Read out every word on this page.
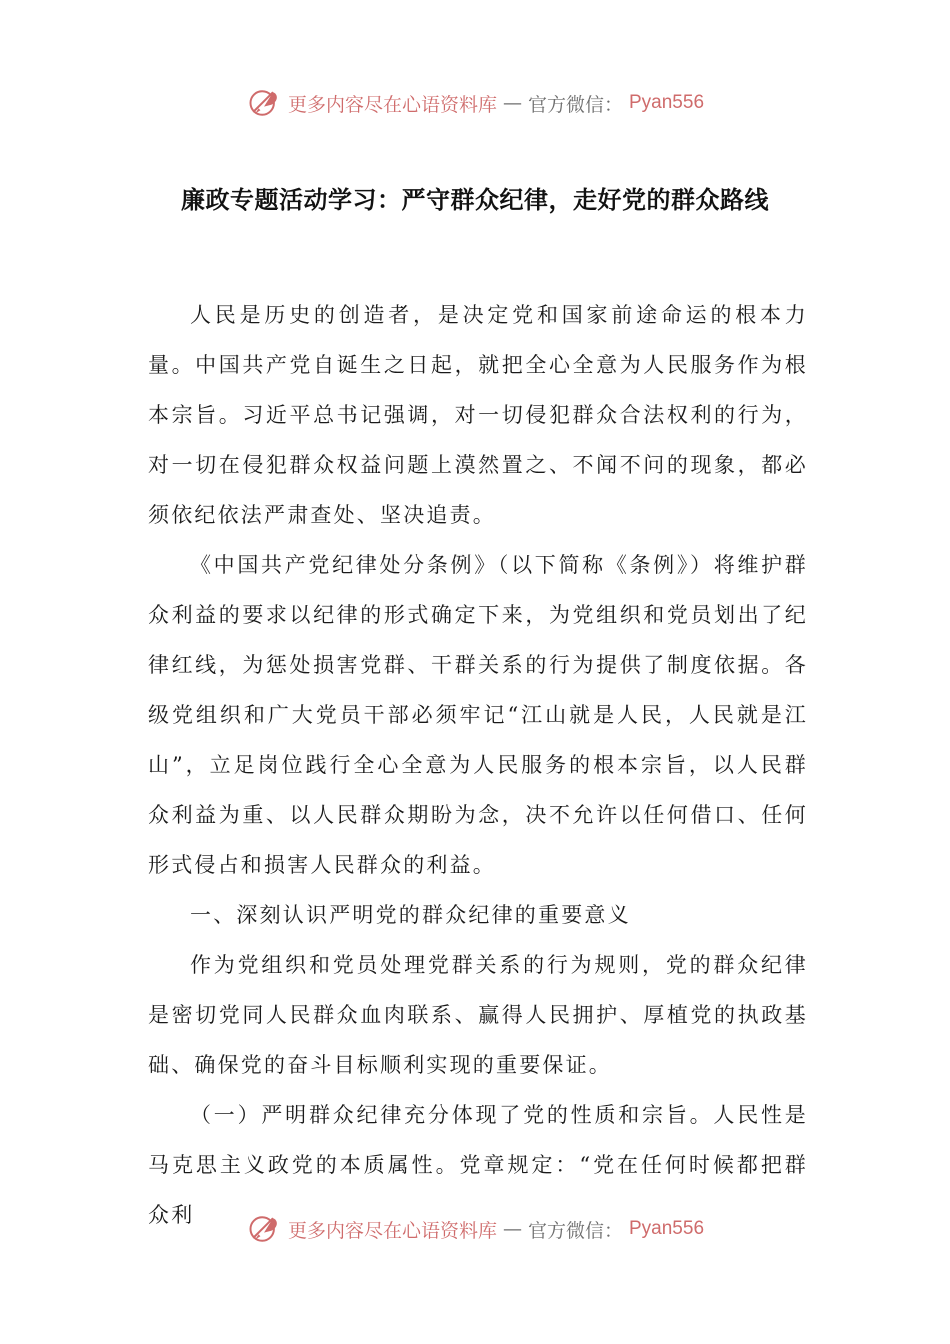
更多内容尽在心语资料库 — 官方微信： Pyan556
廉政专题活动学习：严守群众纪律，走好党的群众路线

人民是历史的创造者，是决定党和国家前途命运的根本力量。中国共产党自诞生之日起，就把全心全意为人民服务作为根本宗旨。习近平总书记强调，对一切侵犯群众合法权利的行为，对一切在侵犯群众权益问题上漠然置之、不闻不问的现象，都必须依纪依法严肃查处、坚决追责。

《中国共产党纪律处分条例》（以下简称《条例》）将维护群众利益的要求以纪律的形式确定下来，为党组织和党员划出了纪律红线，为惩处损害党群、干群关系的行为提供了制度依据。各级党组织和广大党员干部必须牢记“江山就是人民，人民就是江山”，立足岗位践行全心全意为人民服务的根本宗旨，以人民群众利益为重、以人民群众期盼为念，决不允许以任何借口、任何形式侵占和损害人民群众的利益。

一、深刻认识严明党的群众纪律的重要意义

作为党组织和党员处理党群关系的行为规则，党的群众纪律是密切党同人民群众血肉联系、赢得人民拥护、厚植党的执政基础、确保党的奋斗目标顺利实现的重要保证。

（一）严明群众纪律充分体现了党的性质和宗旨。人民性是马克思主义政党的本质属性。党章规定：“党在任何时候都把群众利

更多内容尽在心语资料库 — 官方微信： Pyan556
